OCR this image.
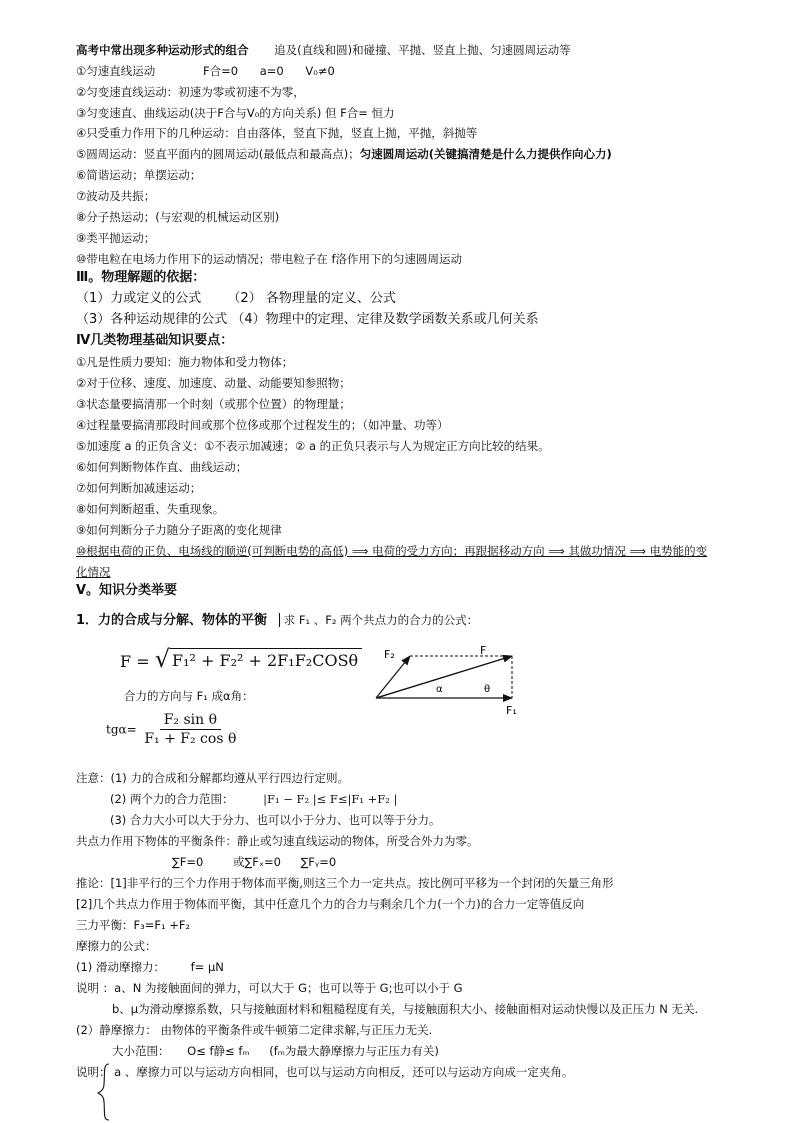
高考中常出现多种运动形式的组合 追及(直线和圆)和碰撞、平抛、竖直上抛、匀速圆周运动等
①匀速直线运动	F合=0 a=0 V₀≠0
②匀变速直线运动：初速为零或初速不为零，
③匀变速直、曲线运动(决于F合与V₀的方向关系) 但 F合= 恒力
④只受重力作用下的几种运动：自由落体，竖直下抛，竖直上抛，平抛，斜抛等
⑤圆周运动：竖直平面内的圆周运动(最低点和最高点)；匀速圆周运动(关键搞清楚是什么力提供作向心力)
⑥简谐运动；单摆运动；
⑦波动及共振；
⑧分子热运动；(与宏观的机械运动区别)
⑨类平抛运动；
⑩带电粒在电场力作用下的运动情况；带电粒子在 f洛作用下的匀速圆周运动
Ⅲ。物理解题的依据：
（1）力或定义的公式 （2） 各物理量的定义、公式
（3）各种运动规律的公式 （4）物理中的定理、定律及数学函数关系或几何关系
Ⅳ几类物理基础知识要点：
①凡是性质力要知：施力物体和受力物体；
②对于位移、速度、加速度、动量、动能要知参照物；
③状态量要搞清那一个时刻（或那个位置）的物理量；
④过程量要搞清那段时间或那个位侈或那个过程发生的；（如冲量、功等）
⑤加速度 a 的正负含义：①不表示加减速；② a 的正负只表示与人为规定正方向比较的结果。
⑥如何判断物体作直、曲线运动；
⑦如何判断加减速运动；
⑧如何判断超重、失重现象。
⑨如何判断分子力随分子距离的变化规律
⑩根据电荷的正负、电场线的顺逆(可判断电势的高低) ⟹ 电荷的受力方向；再跟据移动方向 ⟹ 其做功情况 ⟹ 电势能的变
化情况
V。知识分类举要
1．力的合成与分解、物体的平衡 求 F₁ 、F₂ 两个共点力的合力的公式：
F = √ F₁² + F₂² + 2F₁F₂COSθ
合力的方向与 F₁ 成α角：
$tg\alpha= \frac{\text{F₂ sin θ}}{\text{F₁ + F₂ cos θ}}$
F₂	F
α	θ
F₁
注意：(1) 力的合成和分解都均遵从平行四边行定则。
(2) 两个力的合力范围：	|F₁ − F₂ |≤ F≤|F₁ +F₂ |
(3) 合力大小可以大于分力、也可以小于分力、也可以等于分力。
共点力作用下物体的平衡条件：静止或匀速直线运动的物体，所受合外力为零。
∑F=0	或∑Fₓ=0 ∑Fᵧ=0
推论：[1]非平行的三个力作用于物体而平衡,则这三个力一定共点。按比例可平移为一个封闭的矢量三角形
[2]几个共点力作用于物体而平衡，其中任意几个力的合力与剩余几个力(一个力)的合力一定等值反向
三力平衡：F₃=F₁ +F₂
摩擦力的公式：
(1) 滑动摩擦力： f= μN
说明 ：a、N 为接触面间的弹力，可以大于 G；也可以等于 G;也可以小于 G
b、μ为滑动摩擦系数，只与接触面材料和粗糙程度有关，与接触面积大小、接触面相对运动快慢以及正压力 N 无关.
(2）静摩擦力： 由物体的平衡条件或牛顿第二定律求解,与正压力无关.
大小范围： O≤ f静≤ fₘ (fₘ为最大静摩擦力与正压力有关)
说明： a 、摩擦力可以与运动方向相同，也可以与运动方向相反，还可以与运动方向成一定夹角。
